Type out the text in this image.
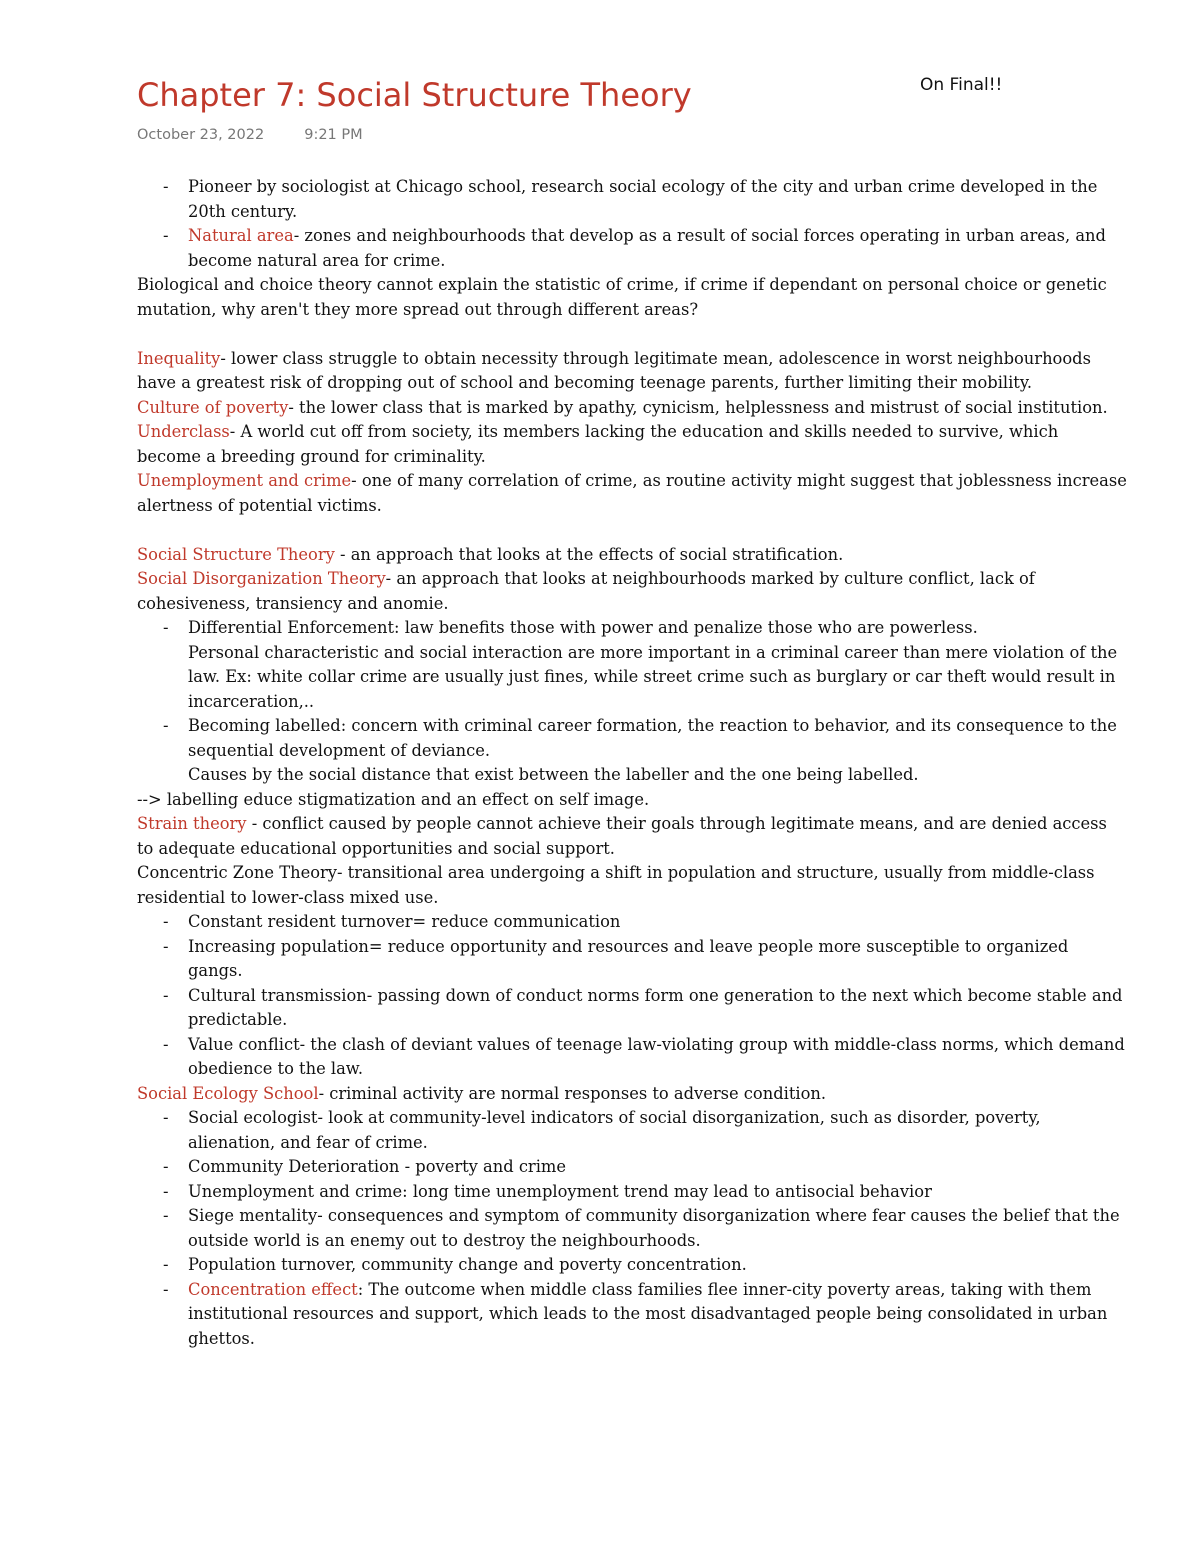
Chapter 7: Social Structure Theory	On Final!!
October 23, 2022	9:21 PM
- Pioneer by sociologist at Chicago school, research social ecology of the city and urban crime developed in the 20th century.
- Natural area- zones and neighbourhoods that develop as a result of social forces operating in urban areas, and become natural area for crime.

Biological and choice theory cannot explain the statistic of crime, if crime if dependant on personal choice or genetic mutation, why aren't they more spread out through different areas?

Inequality- lower class struggle to obtain necessity through legitimate mean, adolescence in worst neighbourhoods have a greatest risk of dropping out of school and becoming teenage parents, further limiting their mobility.

Culture of poverty- the lower class that is marked by apathy, cynicism, helplessness and mistrust of social institution.

Underclass- A world cut off from society, its members lacking the education and skills needed to survive, which become a breeding ground for criminality.

Unemployment and crime- one of many correlation of crime, as routine activity might suggest that joblessness increase alertness of potential victims.

Social Structure Theory - an approach that looks at the effects of social stratification.

Social Disorganization Theory- an approach that looks at neighbourhoods marked by culture conflict, lack of cohesiveness, transiency and anomie.

- Differential Enforcement: law benefits those with power and penalize those who are powerless.
Personal characteristic and social interaction are more important in a criminal career than mere violation of the law. Ex: white collar crime are usually just fines, while street crime such as burglary or car theft would result in incarceration,..
- Becoming labelled: concern with criminal career formation, the reaction to behavior, and its consequence to the sequential development of deviance.
Causes by the social distance that exist between the labeller and the one being labelled.

--> labelling educe stigmatization and an effect on self image.

Strain theory - conflict caused by people cannot achieve their goals through legitimate means, and are denied access to adequate educational opportunities and social support.

Concentric Zone Theory- transitional area undergoing a shift in population and structure, usually from middle-class residential to lower-class mixed use.

- Constant resident turnover= reduce communication
- Increasing population= reduce opportunity and resources and leave people more susceptible to organized gangs.
- Cultural transmission- passing down of conduct norms form one generation to the next which become stable and predictable.
- Value conflict- the clash of deviant values of teenage law-violating group with middle-class norms, which demand obedience to the law.

Social Ecology School- criminal activity are normal responses to adverse condition.

- Social ecologist- look at community-level indicators of social disorganization, such as disorder, poverty, alienation, and fear of crime.
- Community Deterioration - poverty and crime
- Unemployment and crime: long time unemployment trend may lead to antisocial behavior
- Siege mentality- consequences and symptom of community disorganization where fear causes the belief that the outside world is an enemy out to destroy the neighbourhoods.
- Population turnover, community change and poverty concentration.
- Concentration effect: The outcome when middle class families flee inner-city poverty areas, taking with them institutional resources and support, which leads to the most disadvantaged people being consolidated in urban ghettos.
